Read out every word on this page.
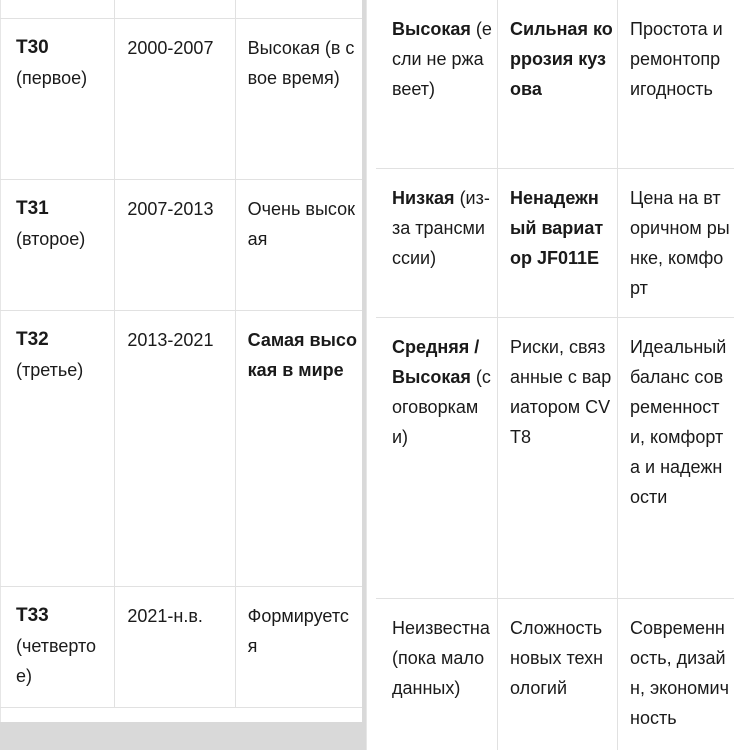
T30
(первое)	2000-2007	Высокая (в свое время)

T31
(второе)	2007-2013	Очень высокая

T32
(третье)	2013-2021	Самая высокая в мире

T33
(четвертое)	2021-н.в.	Формируется
Высокая (если не ржавеет)	Сильная коррозия кузова	Простота и ремонтопригодность

Низкая (из-за трансмиссии)	Ненадежный вариатор JF011E	Цена на вторичном рынке, комфорт

Средняя / Высокая (с оговорками)	Риски, связанные с вариатором CVT8	Идеальный баланс современности, комфорта и надежности

Неизвестна (пока мало данных)	Сложность новых технологий	Современность, дизайн, экономичность
